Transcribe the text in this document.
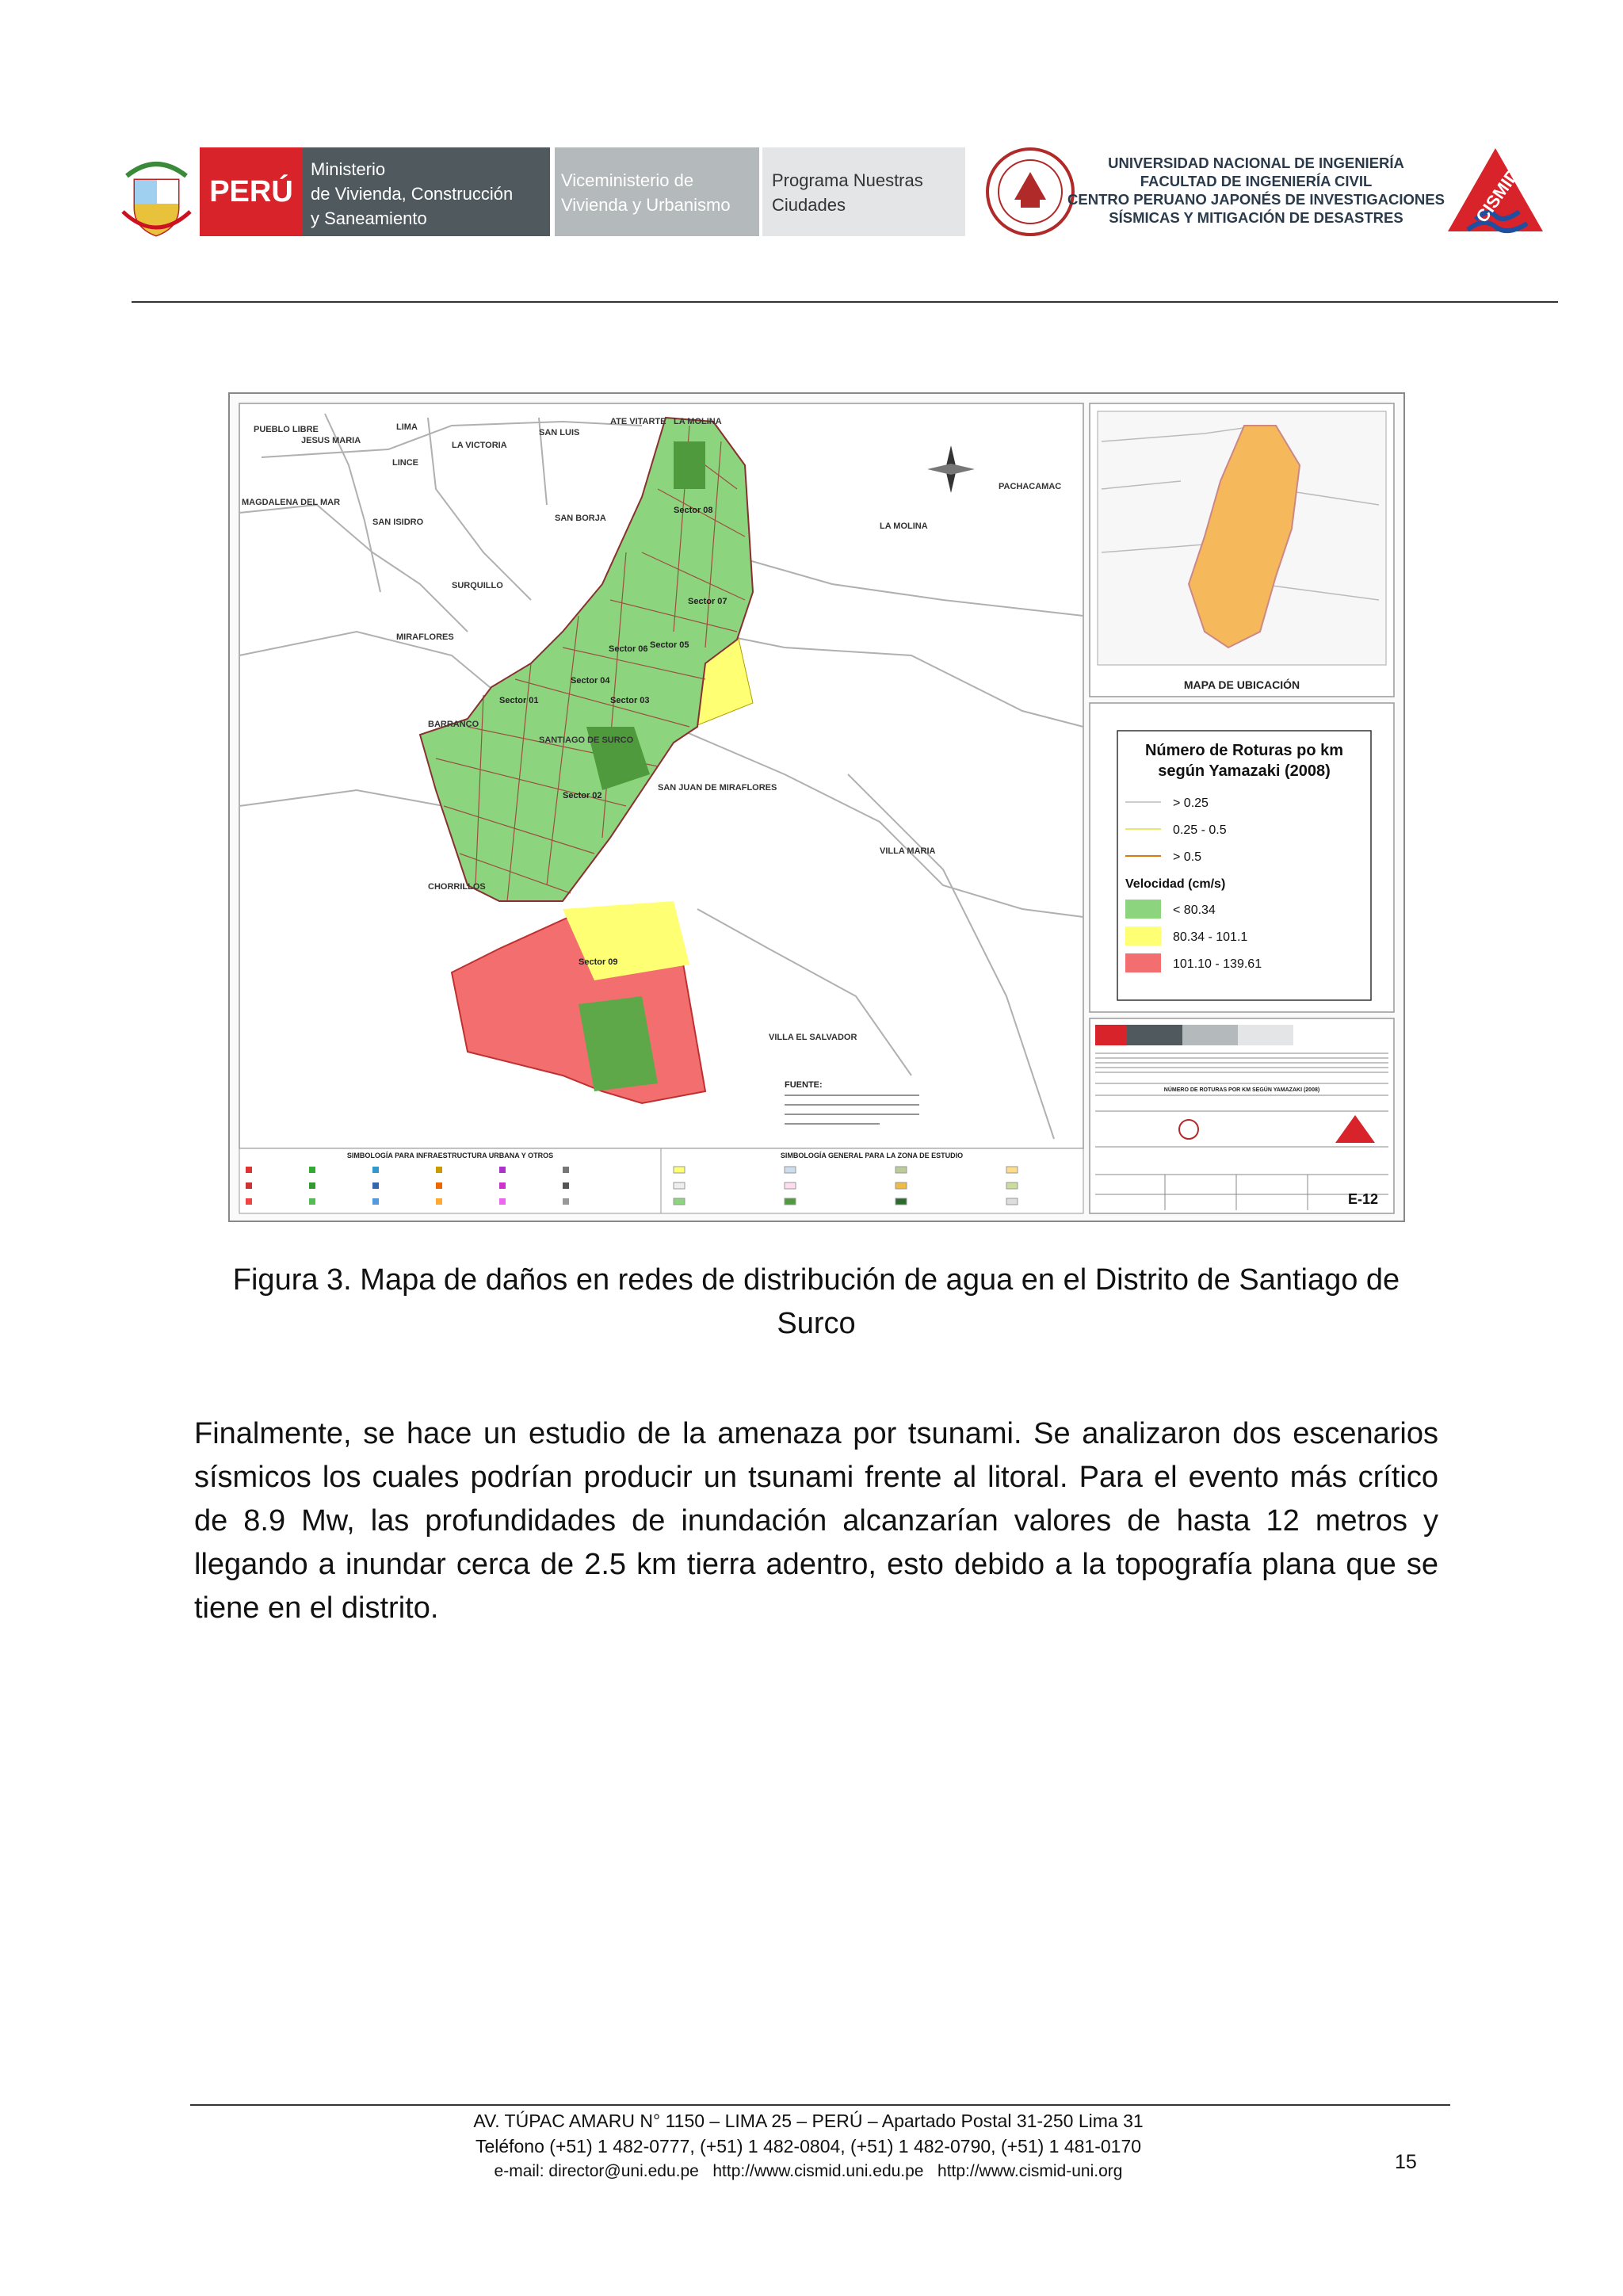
PERÚ
Ministerio
de Vivienda, Construcción
y Saneamiento
Viceministerio de
Vivienda y Urbanismo
Programa Nuestras
Ciudades
UNIVERSIDAD NACIONAL DE INGENIERÍA
FACULTAD DE INGENIERÍA CIVIL
CENTRO PERUANO JAPONÉS DE INVESTIGACIONES
SÍSMICAS Y MITIGACIÓN DE DESASTRES	CISMID
PUEBLO LIBRE
JESUS MARIA
LIMA
LA VICTORIA
SAN LUIS
ATE VITARTE LA MOLINA
LINCE
MAGDALENA DEL MAR
SAN ISIDRO	SAN BORJA
SURQUILLO
MIRAFLORES
BARRANCO
SANTIAGO DE SURCO
SAN JUAN DE MIRAFLORES
VILLA MARIA
CHORRILLOS
VILLA EL SALVADOR
PACHACAMAC
LA MOLINA
Sector 08
Sector 07
Sector 06 Sector 05
Sector 04
Sector 03
Sector 01
Sector 02
Sector 09
FUENTE:
SIMBOLOGÍA PARA INFRAESTRUCTURA URBANA Y OTROS	SIMBOLOGÍA GENERAL PARA LA ZONA DE ESTUDIO
MAPA DE UBICACIÓN
Número de Roturas po km
según Yamazaki (2008)
> 0.25
0.25 - 0.5
> 0.5
Velocidad (cm/s)
< 80.34
80.34 - 101.1
101.10 - 139.61
NÚMERO DE ROTURAS POR KM SEGÚN YAMAZAKI (2008)
E-12
Figura 3. Mapa de daños en redes de distribución de agua en el Distrito de Santiago de Surco
Finalmente, se hace un estudio de la amenaza por tsunami. Se analizaron dos escenarios sísmicos los cuales podrían producir un tsunami frente al litoral. Para el evento más crítico de 8.9 Mw, las profundidades de inundación alcanzarían valores de hasta 12 metros y llegando a inundar cerca de 2.5 km tierra adentro, esto debido a la topografía plana que se tiene en el distrito.
AV. TÚPAC AMARU N° 1150 – LIMA 25 – PERÚ – Apartado Postal 31-250 Lima 31
Teléfono (+51) 1 482-0777, (+51) 1 482-0804, (+51) 1 482-0790, (+51) 1 481-0170
e-mail: director@uni.edu.pe http://www.cismid.uni.edu.pe http://www.cismid-uni.org	15
